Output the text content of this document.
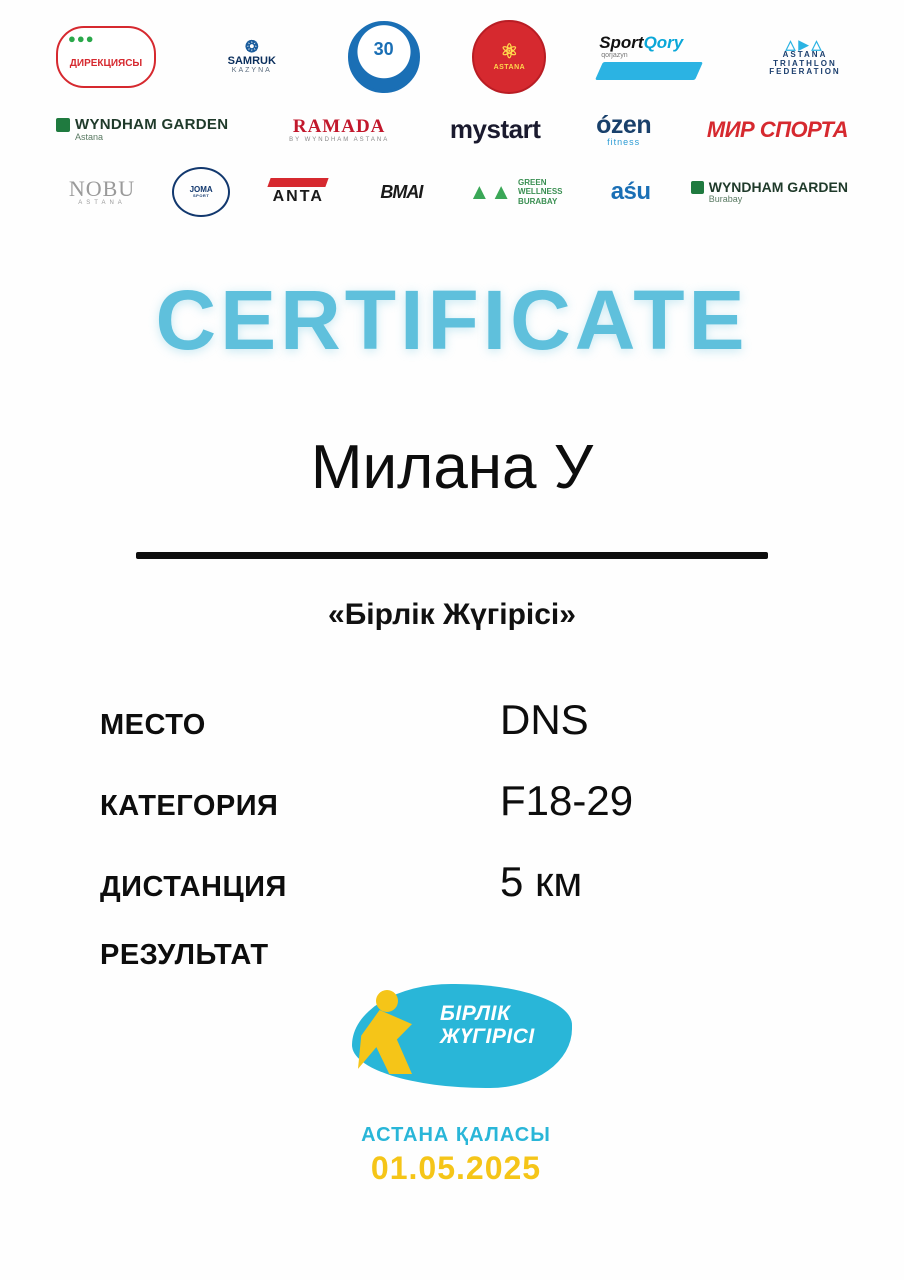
●●●
ДИРЕКЦИЯСЫ
❂
SAMRUK
KAZYNA
30	⚛
АSTANA
SportQory
qorjazyn
△▶△
ASTANA
TRIATHLON
FEDERATION
WYNDHAM GARDEN
Astana
RAMADA
BY WYNDHAM ASTANA mystart ózen
fitness	МИР СПОРТА
NOBU
ASTANA
JOMA
SPORT	ANTA	BMAI	▲▲ GREEN
WELLNESS
BURABAY	aśu	WYNDHAM GARDEN
Burabay
CERTIFICATE
Милана У
«Бірлік Жүгірісі»
МЕСТО	DNS
КАТЕГОРИЯ	F18-29
ДИСТАНЦИЯ	5 км
РЕЗУЛЬТАТ
БІРЛІК
ЖҮГІРІСІ
АСТАНА ҚАЛАСЫ
01.05.2025
